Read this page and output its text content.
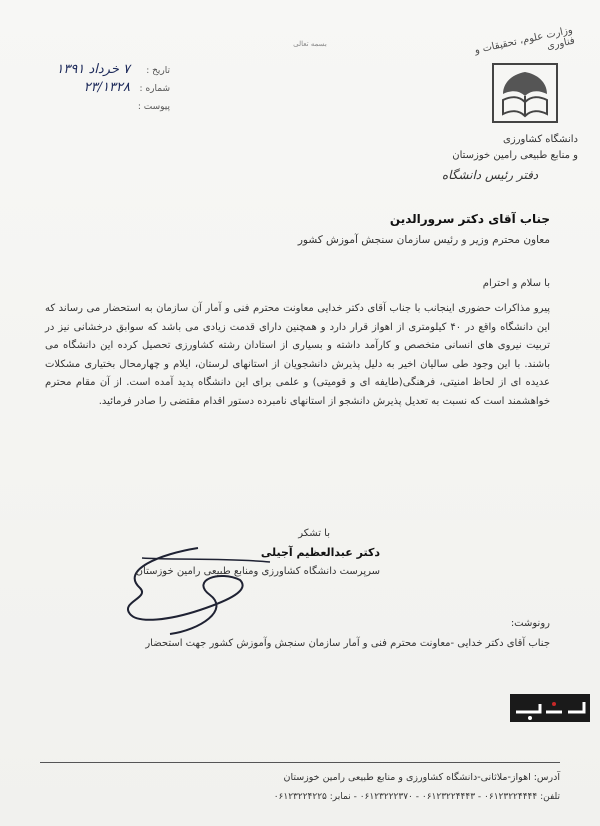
بسمه تعالی	وزارت علوم، تحقیقات و فناوری
دانشگاه کشاورزی
و منابع طبیعی رامین خوزستان
دفتر رئیس دانشگاه
تاریخ :
۷ خرداد ۱۳۹۱
شماره :
۲۳/۱۳۲۸
پیوست :
جناب آقای دکتر سرورالدین
معاون محترم وزیر و رئیس سازمان سنجش آموزش کشور
با سلام و احترام

پیرو مذاکرات حضوری اینجانب با جناب آقای دکتر خدایی معاونت محترم فنی و آمار آن سازمان به استحضار می رساند که این دانشگاه واقع در ۴۰ کیلومتری از اهواز قرار دارد و همچنین دارای قدمت زیادی می باشد که سوابق درخشانی نیز در تربیت نیروی های انسانی متخصص و کارآمد داشته و بسیاری از استادان رشته کشاورزی تحصیل کرده این دانشگاه می باشند. با این وجود طی سالیان اخیر به دلیل پذیرش دانشجویان از استانهای لرستان، ایلام و چهارمحال بختیاری مشکلات عدیده ای از لحاظ امنیتی، فرهنگی(طایفه ای و قومیتی) و علمی برای این دانشگاه پدید آمده است. از آن مقام محترم خواهشمند است که نسبت به تعدیل پذیرش دانشجو از استانهای نامبرده دستور اقدام مقتضی را صادر فرمائید.

با تشکر
دکتر عبدالعظیم آجیلی
سرپرست دانشگاه کشاورزی ومنابع طبیعی رامین خوزستان
رونوشت:
جناب آقای دکتر خدایی -معاونت محترم فنی و آمار سازمان سنجش وآموزش کشور جهت استحضار
آدرس: اهواز-ملاثانی-دانشگاه کشاورزی و منابع طبیعی رامین خوزستان
تلفن: ۰۶۱۲۳۲۲۴۴۴۴ - ۰۶۱۲۳۲۲۴۴۴۳ - ۰۶۱۲۳۲۲۲۳۷۰ - نمابر: ۰۶۱۲۳۲۲۴۲۲۵
